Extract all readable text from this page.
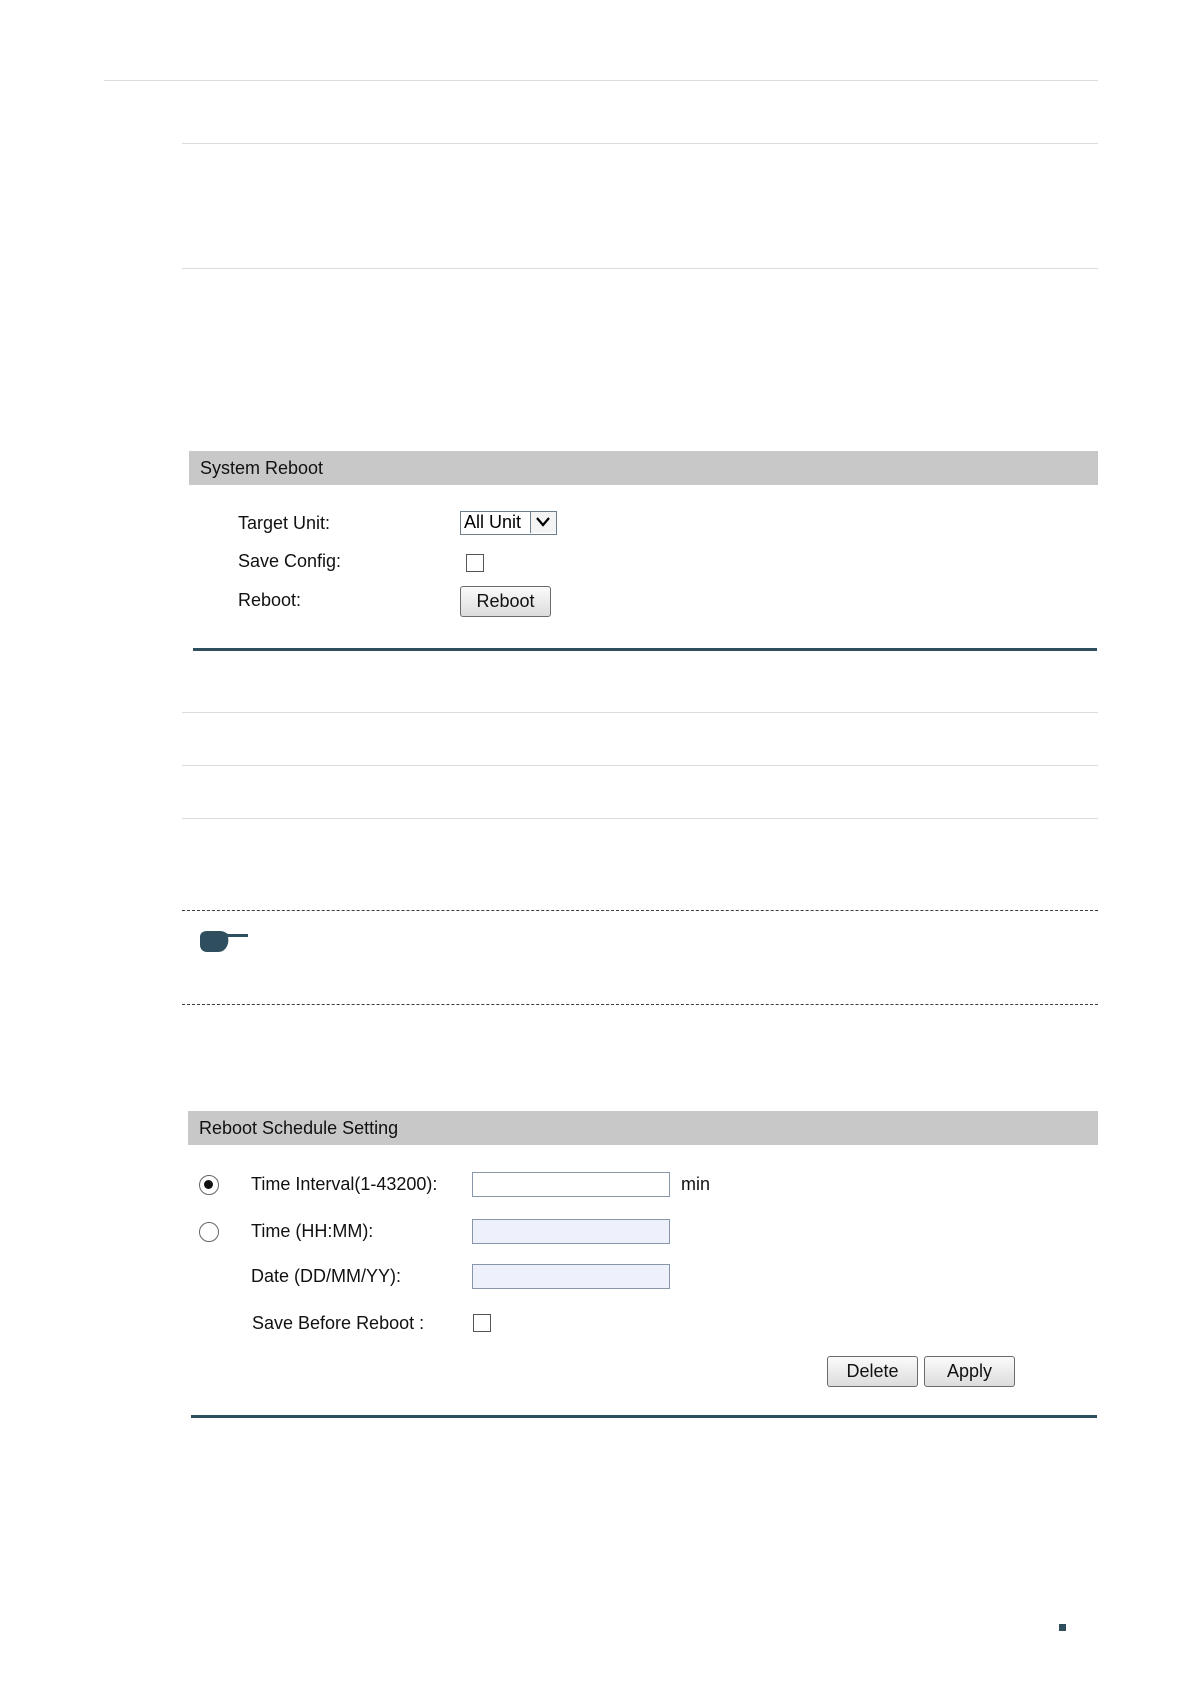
System Reboot
Target Unit:	All Unit
Save Config:
Reboot:	Reboot
Reboot Schedule Setting
Time Interval(1-43200):	min
Time (HH:MM):
Date (DD/MM/YY):
Save Before Reboot :
Delete	Apply
